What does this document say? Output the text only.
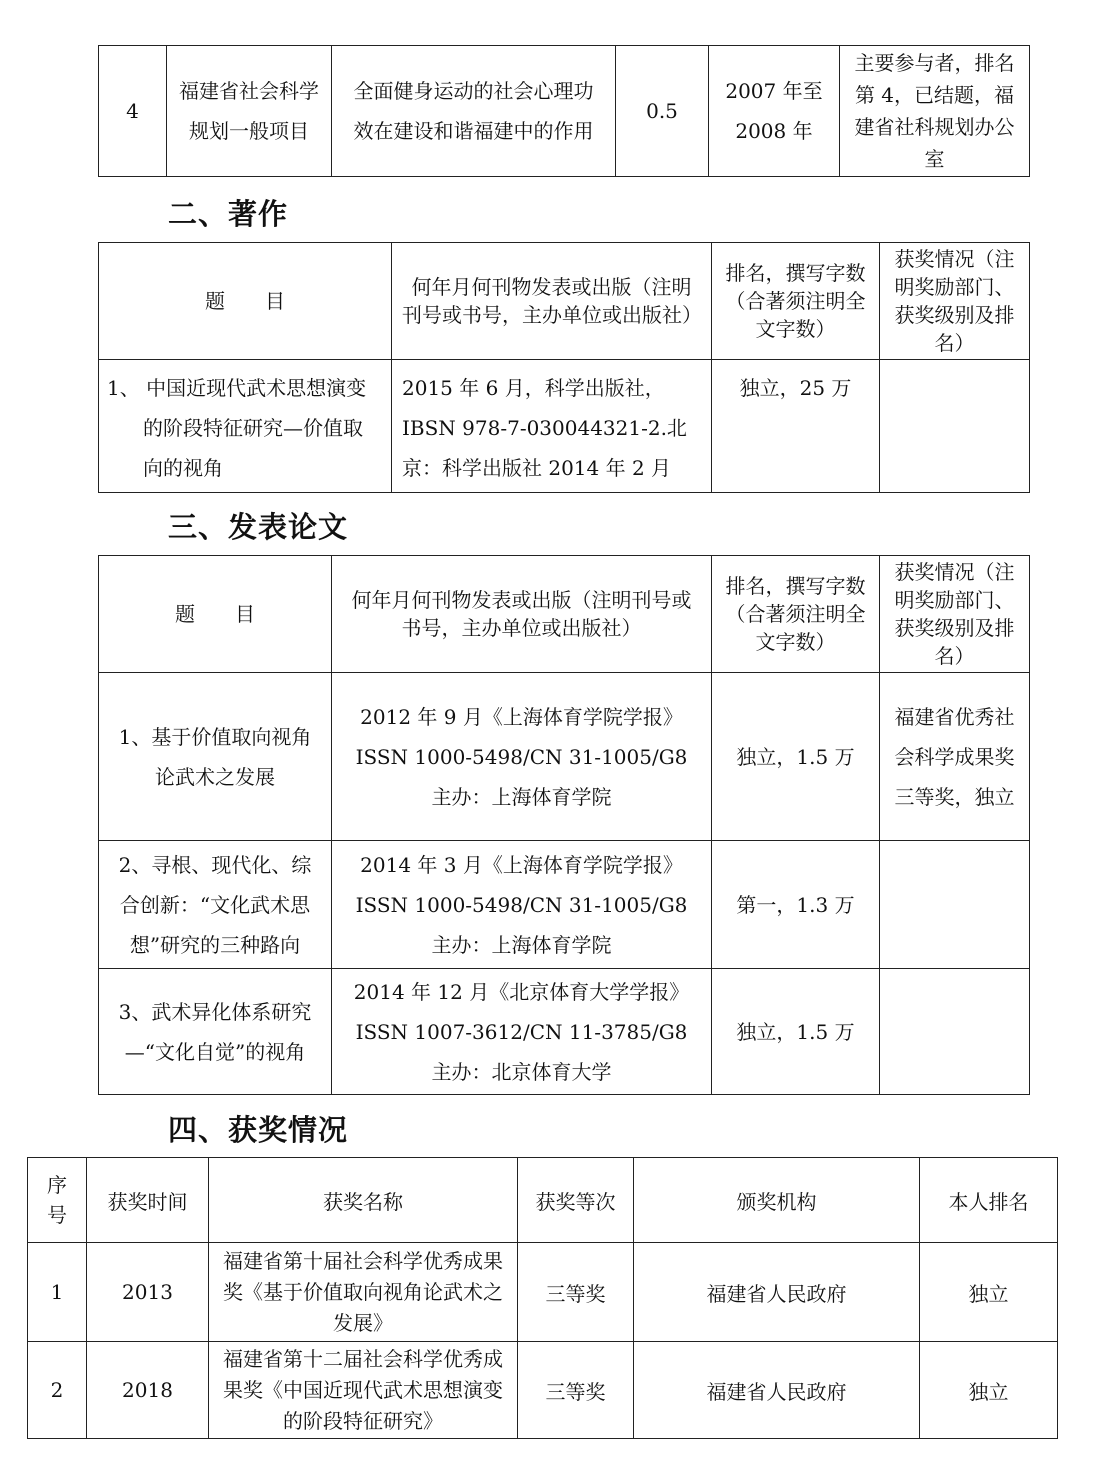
4	福建省社会科学规划一般项目	全面健身运动的社会心理功效在建设和谐福建中的作用	0.5	2007 年至 2008 年	主要参与者，排名第 4，已结题，福建省社科规划办公室
二、著作
题　　目	何年月何刊物发表或出版（注明刊号或书号，主办单位或出版社）	排名，撰写字数（合著须注明全文字数）	获奖情况（注明奖励部门、获奖级别及排名）
1、 中国近现代武术思想演变的阶段特征研究—价值取向的视角	2015 年 6 月，科学出版社，IBSN 978-7-030044321-2.北京：科学出版社 2014 年 2 月	独立，25 万	
三、发表论文
题　　目	何年月何刊物发表或出版（注明刊号或书号，主办单位或出版社）	排名，撰写字数（合著须注明全文字数）	获奖情况（注明奖励部门、获奖级别及排名）
1、基于价值取向视角论武术之发展	2012 年 9 月《上海体育学院学报》
ISSN 1000-5498/CN 31-1005/G8
主办：上海体育学院	独立，1.5 万	福建省优秀社会科学成果奖三等奖，独立
2、寻根、现代化、综合创新：“文化武术思想”研究的三种路向	2014 年 3 月《上海体育学院学报》
ISSN 1000-5498/CN 31-1005/G8
主办：上海体育学院	第一，1.3 万	
3、武术异化体系研究—“文化自觉”的视角	2014 年 12 月《北京体育大学学报》
ISSN 1007-3612/CN 11-3785/G8
主办：北京体育大学	独立，1.5 万	
四、获奖情况
序号	获奖时间	获奖名称	获奖等次	颁奖机构	本人排名
1	2013	福建省第十届社会科学优秀成果奖《基于价值取向视角论武术之发展》	三等奖	福建省人民政府	独立
2	2018	福建省第十二届社会科学优秀成果奖《中国近现代武术思想演变的阶段特征研究》	三等奖	福建省人民政府	独立
